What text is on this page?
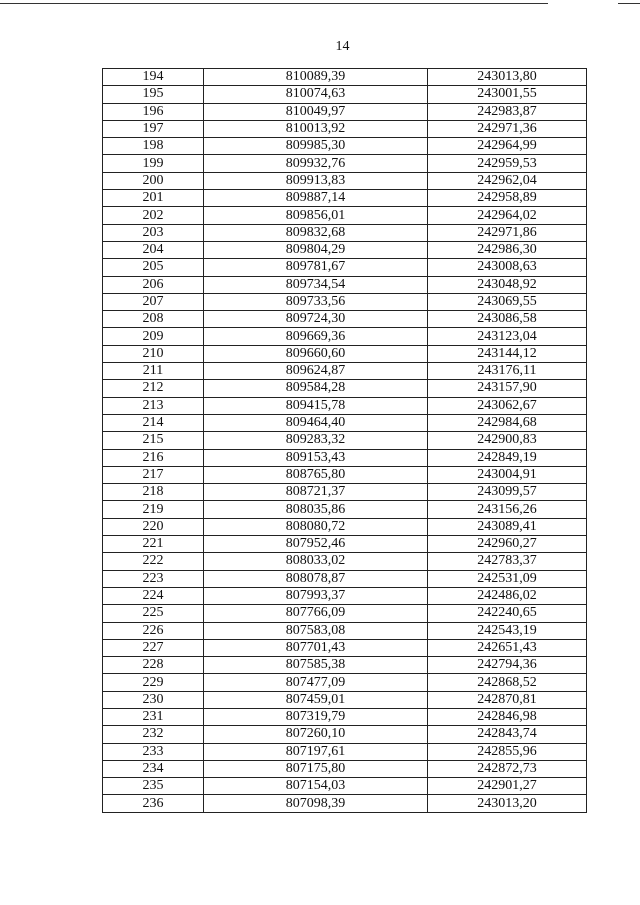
14
194	810089,39	243013,80
195	810074,63	243001,55
196	810049,97	242983,87
197	810013,92	242971,36
198	809985,30	242964,99
199	809932,76	242959,53
200	809913,83	242962,04
201	809887,14	242958,89
202	809856,01	242964,02
203	809832,68	242971,86
204	809804,29	242986,30
205	809781,67	243008,63
206	809734,54	243048,92
207	809733,56	243069,55
208	809724,30	243086,58
209	809669,36	243123,04
210	809660,60	243144,12
211	809624,87	243176,11
212	809584,28	243157,90
213	809415,78	243062,67
214	809464,40	242984,68
215	809283,32	242900,83
216	809153,43	242849,19
217	808765,80	243004,91
218	808721,37	243099,57
219	808035,86	243156,26
220	808080,72	243089,41
221	807952,46	242960,27
222	808033,02	242783,37
223	808078,87	242531,09
224	807993,37	242486,02
225	807766,09	242240,65
226	807583,08	242543,19
227	807701,43	242651,43
228	807585,38	242794,36
229	807477,09	242868,52
230	807459,01	242870,81
231	807319,79	242846,98
232	807260,10	242843,74
233	807197,61	242855,96
234	807175,80	242872,73
235	807154,03	242901,27
236	807098,39	243013,20
